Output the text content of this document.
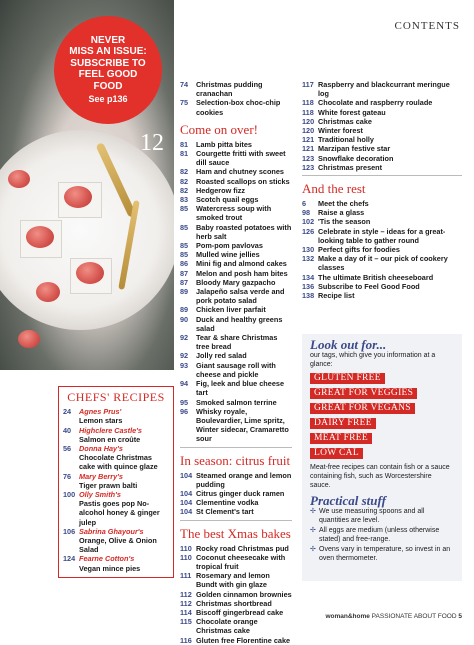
CONTENTS
12
NEVER
MISS AN ISSUE:
SUBSCRIBE TO
FEEL GOOD
FOOD
See p136
74	Christmas pudding cranachan
75	Selection-box choc-chip cookies
Come on over!
81	Lamb pitta bites
81	Courgette fritti with sweet dill sauce
82	Ham and chutney scones
82	Roasted scallops on sticks
82	Hedgerow fizz
83	Scotch quail eggs
85	Watercress soup with smoked trout
85	Baby roasted potatoes with herb salt
85	Pom-pom pavlovas
85	Mulled wine jellies
86	Mini fig and almond cakes
87	Melon and posh ham bites
87	Bloody Mary gazpacho
89	Jalapeño salsa verde and pork potato salad
89	Chicken liver parfait
90	Duck and healthy greens salad
92	Tear & share Christmas tree bread
92	Jolly red salad
93	Giant sausage roll with cheese and pickle
94	Fig, leek and blue cheese tart
95	Smoked salmon terrine
96	Whisky royale, Boulevardier, Lime spritz, Winter sidecar, Cramaretto sour
In season: citrus fruit
104 Steamed orange and lemon pudding
104 Citrus ginger duck ramen
104 Clementine vodka
104 St Clement's tart
The best Xmas bakes
110 Rocky road Christmas pud
110 Coconut cheesecake with tropical fruit
111 Rosemary and lemon Bundt with gin glaze
112 Golden cinnamon brownies
112 Christmas shortbread
114 Biscoff gingerbread cake
115 Chocolate orange Christmas cake
116 Gluten free Florentine cake
117 Raspberry and blackcurrant meringue log
118 Chocolate and raspberry roulade
118 White forest gateau
120 Christmas cake
120 Winter forest
121 Traditional holly
121 Marzipan festive star
123 Snowflake decoration
123 Christmas present
And the rest
6	Meet the chefs
98	Raise a glass
102 'Tis the season
126 Celebrate in style – ideas for a great-looking table to gather round
130 Perfect gifts for foodies
132 Make a day of it – our pick of cookery classes
134 The ultimate British cheeseboard
136 Subscribe to Feel Good Food
138 Recipe list
CHEFS' RECIPES
24	Agnes Prus'
Lemon stars
40	Highclere Castle's
Salmon en croûte
56	Donna Hay's
Chocolate Christmas cake with quince glaze
76	Mary Berry's
Tiger prawn balti
100 Olly Smith's
Pastis goes pop No-alcohol honey & ginger julep
106 Sabrina Ghayour's
Orange, Olive & Onion Salad
124 Fearne Cotton's
Vegan mince pies
Look out for...

our tags, which give you information at a glance:

GLUTEN FREE
GREAT FOR VEGGIES
GREAT FOR VEGANS
DAIRY FREE
MEAT FREE
LOW CAL

Meat-free recipes can contain fish or a sauce containing fish, such as Worcestershire sauce.

Practical stuff
✢ We use measuring spoons and all quantities are level.
✢ All eggs are medium (unless otherwise stated) and free-range.
✢ Ovens vary in temperature, so invest in an oven thermometer.
woman&home PASSIONATE ABOUT FOOD 5
